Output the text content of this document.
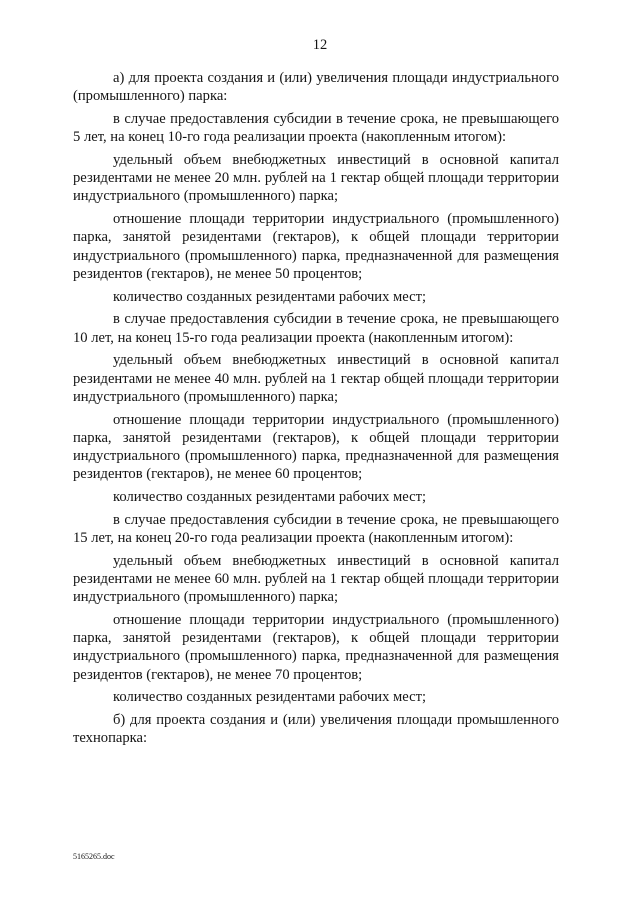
12

а) для проекта создания и (или) увеличения площади индустриального (промышленного) парка:

в случае предоставления субсидии в течение срока, не превышающего 5 лет, на конец 10-го года реализации проекта (накопленным итогом):

удельный объем внебюджетных инвестиций в основной капитал резидентами не менее 20 млн. рублей на 1 гектар общей площади территории индустриального (промышленного) парка;

отношение площади территории индустриального (промышленного) парка, занятой резидентами (гектаров), к общей площади территории индустриального (промышленного) парка, предназначенной для размещения резидентов (гектаров), не менее 50 процентов;

количество созданных резидентами рабочих мест;

в случае предоставления субсидии в течение срока, не превышающего 10 лет, на конец 15-го года реализации проекта (накопленным итогом):

удельный объем внебюджетных инвестиций в основной капитал резидентами не менее 40 млн. рублей на 1 гектар общей площади территории индустриального (промышленного) парка;

отношение площади территории индустриального (промышленного) парка, занятой резидентами (гектаров), к общей площади территории индустриального (промышленного) парка, предназначенной для размещения резидентов (гектаров), не менее 60 процентов;

количество созданных резидентами рабочих мест;

в случае предоставления субсидии в течение срока, не превышающего 15 лет, на конец 20-го года реализации проекта (накопленным итогом):

удельный объем внебюджетных инвестиций в основной капитал резидентами не менее 60 млн. рублей на 1 гектар общей площади территории индустриального (промышленного) парка;

отношение площади территории индустриального (промышленного) парка, занятой резидентами (гектаров), к общей площади территории индустриального (промышленного) парка, предназначенной для размещения резидентов (гектаров), не менее 70 процентов;

количество созданных резидентами рабочих мест;

б) для проекта создания и (или) увеличения площади промышленного технопарка:

5165265.doc
